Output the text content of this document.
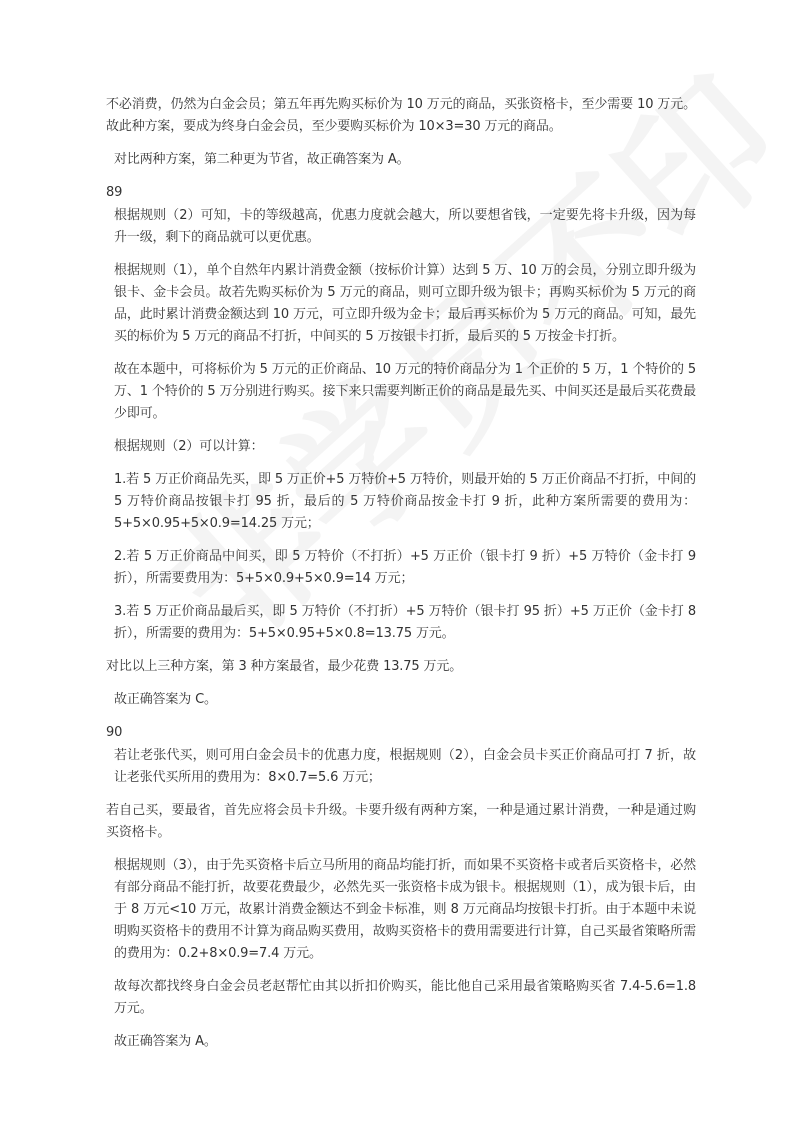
不必消费，仍然为白金会员；第五年再先购买标价为 10 万元的商品，买张资格卡，至少需要 10 万元。故此种方案，要成为终身白金会员，至少要购买标价为 10×3=30 万元的商品。

对比两种方案，第二种更为节省，故正确答案为 A。

89

根据规则（2）可知，卡的等级越高，优惠力度就会越大，所以要想省钱，一定要先将卡升级，因为每升一级，剩下的商品就可以更优惠。

根据规则（1），单个自然年内累计消费金额（按标价计算）达到 5 万、10 万的会员，分别立即升级为银卡、金卡会员。故若先购买标价为 5 万元的商品，则可立即升级为银卡；再购买标价为 5 万元的商品，此时累计消费金额达到 10 万元，可立即升级为金卡；最后再买标价为 5 万元的商品。可知，最先买的标价为 5 万元的商品不打折，中间买的 5 万按银卡打折，最后买的 5 万按金卡打折。

故在本题中，可将标价为 5 万元的正价商品、10 万元的特价商品分为 1 个正价的 5 万，1 个特价的 5 万、1 个特价的 5 万分别进行购买。接下来只需要判断正价的商品是最先买、中间买还是最后买花费最少即可。

根据规则（2）可以计算：

1.若 5 万正价商品先买，即 5 万正价+5 万特价+5 万特价，则最开始的 5 万正价商品不打折，中间的 5 万特价商品按银卡打 95 折，最后的 5 万特价商品按金卡打 9 折，此种方案所需要的费用为：5+5×0.95+5×0.9=14.25 万元；

2.若 5 万正价商品中间买，即 5 万特价（不打折）+5 万正价（银卡打 9 折）+5 万特价（金卡打 9 折），所需要费用为：5+5×0.9+5×0.9=14 万元；

3.若 5 万正价商品最后买，即 5 万特价（不打折）+5 万特价（银卡打 95 折）+5 万正价（金卡打 8 折），所需要的费用为：5+5×0.95+5×0.8=13.75 万元。

对比以上三种方案，第 3 种方案最省，最少花费 13.75 万元。

故正确答案为 C。

90

若让老张代买，则可用白金会员卡的优惠力度，根据规则（2），白金会员卡买正价商品可打 7 折，故让老张代买所用的费用为：8×0.7=5.6 万元；

若自己买，要最省，首先应将会员卡升级。卡要升级有两种方案，一种是通过累计消费，一种是通过购买资格卡。

根据规则（3），由于先买资格卡后立马所用的商品均能打折，而如果不买资格卡或者后买资格卡，必然有部分商品不能打折，故要花费最少，必然先买一张资格卡成为银卡。根据规则（1），成为银卡后，由于 8 万元<10 万元，故累计消费金额达不到金卡标准，则 8 万元商品均按银卡打折。由于本题中未说明购买资格卡的费用不计算为商品购买费用，故购买资格卡的费用需要进行计算，自己买最省策略所需的费用为：0.2+8×0.9=7.4 万元。

故每次都找终身白金会员老赵帮忙由其以折扣价购买，能比他自己采用最省策略购买省 7.4-5.6=1.8 万元。

故正确答案为 A。
